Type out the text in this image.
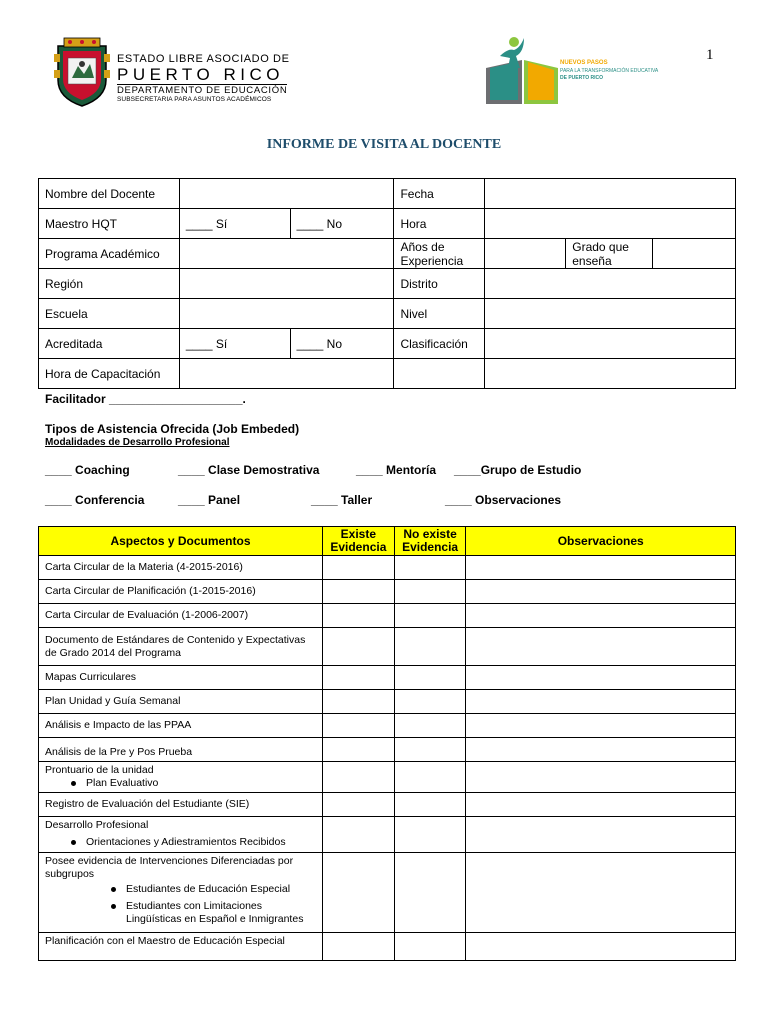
ESTADO LIBRE ASOCIADO DE
PUERTO RICO
DEPARTAMENTO DE EDUCACIÓN
SUBSECRETARIA PARA ASUNTOS ACADÉMICOS
NUEVOS PASOS
PARA LA TRANSFORMACIÓN EDUCATIVA
DE PUERTO RICO
1
INFORME DE VISITA AL DOCENTE
Nombre del Docente			Fecha			
Maestro HQT	____ Sí	____ No	Hora			
Programa Académico			Años de Experiencia		Grado que enseña	
Región			Distrito			
Escuela			Nivel			
Acreditada	____ Sí	____ No	Clasificación			
Hora de Capacitación						
Facilitador ____________________.
Tipos de Asistencia Ofrecida (Job Embeded)
Modalidades de Desarrollo Profesional
____ Coaching	____ Clase Demostrativa	____ Mentoría ____Grupo de Estudio
____ Conferencia	____ Panel	____ Taller	____ Observaciones
Aspectos y Documentos	Existe Evidencia	No existe Evidencia	Observaciones
Carta Circular de la Materia (4-2015-2016)			
Carta Circular de Planificación (1-2015-2016)			
Carta Circular de Evaluación (1-2006-2007)			
Documento de Estándares de Contenido y Expectativas de Grado 2014 del Programa			
Mapas Curriculares			
Plan Unidad y Guía Semanal			
Análisis e Impacto de las PPAA			
Análisis de la Pre y Pos Prueba			

Prontuario de la unidad
Plan Evaluativo			

Registro de Evaluación del Estudiante (SIE)			

Desarrollo Profesional
Orientaciones y Adiestramientos Recibidos			

Posee evidencia de Intervenciones Diferenciadas por subgrupos
Estudiantes de Educación Especial
Estudiantes con Limitaciones Lingüísticas en Español e Inmigrantes			

Planificación con el Maestro de Educación Especial			
